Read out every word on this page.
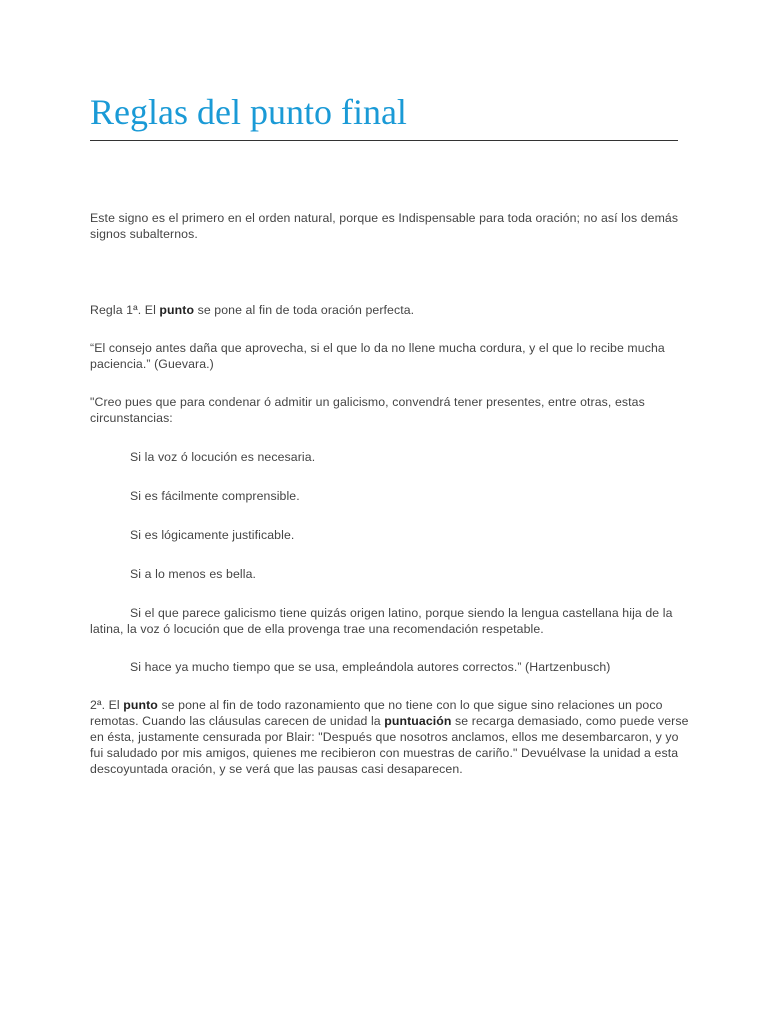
Reglas del punto final

Este signo es el primero en el orden natural, porque es Indispensable para toda oración; no así los demás signos subalternos.

Regla 1ª. El punto se pone al fin de toda oración perfecta.

“El consejo antes daña que aprovecha, si el que lo da no llene mucha cordura, y el que lo recibe mucha paciencia.” (Guevara.)

"Creo pues que para condenar ó admitir un galicismo, convendrá tener presentes, entre otras, estas circunstancias:

Si la voz ó locución es necesaria.

Si es fácilmente comprensible.

Si es lógicamente justificable.

Si a lo menos es bella.

Si el que parece galicismo tiene quizás origen latino, porque siendo la lengua castellana hija de la latina, la voz ó locución que de ella provenga trae una recomendación respetable.

Si hace ya mucho tiempo que se usa, empleándola autores correctos.” (Hartzenbusch)

2ª. El punto se pone al fin de todo razonamiento que no tiene con lo que sigue sino relaciones un poco remotas. Cuando las cláusulas carecen de unidad la puntuación se recarga demasiado, como puede verse en ésta, justamente censurada por Blair: "Después que nosotros anclamos, ellos me desembarcaron, y yo fui saludado por mis amigos, quienes me recibieron con muestras de cariño." Devuélvase la unidad a esta descoyuntada oración, y se verá que las pausas casi desaparecen.
